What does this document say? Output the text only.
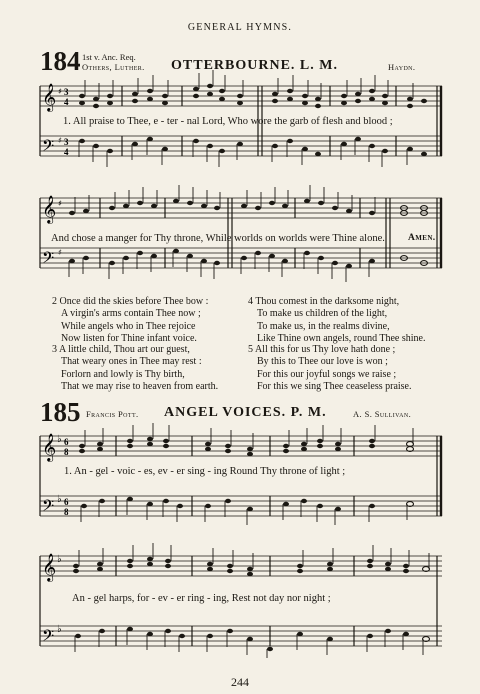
GENERAL HYMNS.
184 1st v. Anc. Req.
Others, Luther. OTTERBOURNE. L. M.	Haydn.
𝄞
𝄢
♯
♯
3
4
3
4
1. All praise to Thee, e - ter - nal Lord, Who wore the garb of flesh and blood ;
𝄞
𝄢
♯
♯
And chose a manger for Thy throne, While worlds on worlds were Thine alone. Amen.
2 Once did the skies before Thee bow :
A virgin's arms contain Thee now ;
While angels who in Thee rejoice
Now listen for Thine infant voice.
4 Thou comest in the darksome night,
To make us children of the light,
To make us, in the realms divine,
Like Thine own angels, round Thee shine.
3 A little child, Thou art our guest,
That weary ones in Thee may rest :
Forlorn and lowly is Thy birth,
That we may rise to heaven from earth.
5 All this for us Thy love hath done ;
By this to Thee our love is won ;
For this our joyful songs we raise ;
For this we sing Thee ceaseless praise.
185 Francis Pott. ANGEL VOICES. P. M.	A. S. Sullivan.
𝄞
𝄢
♭
♭
6
8
6
8
1. An - gel - voic - es, ev - er sing - ing Round Thy throne of light ;
𝄞
𝄢
♭
♭
An - gel harps, for - ev - er ring - ing, Rest not day nor night ;
244
